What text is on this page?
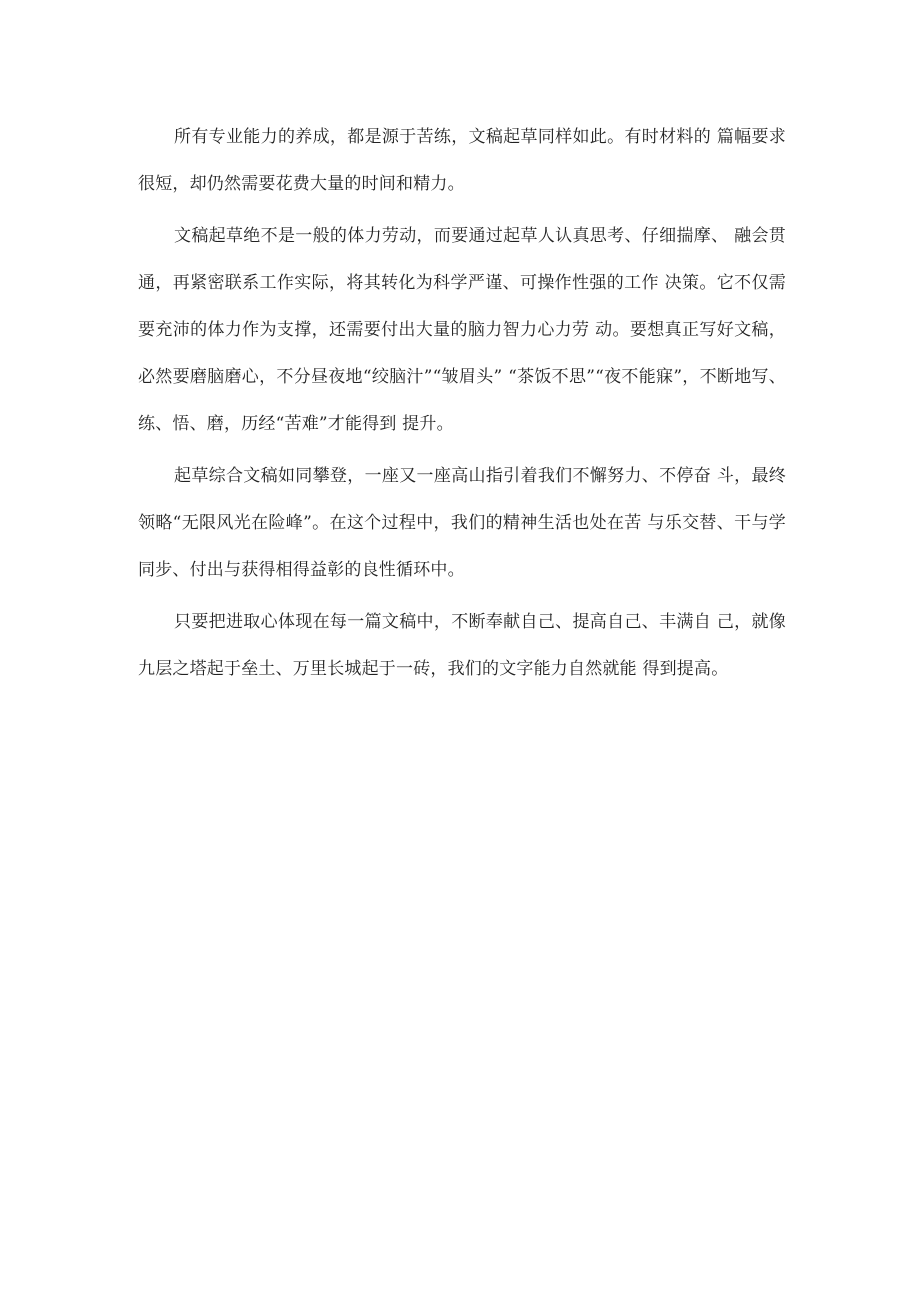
所有专业能力的养成，都是源于苦练，文稿起草同样如此。有时材料的 篇幅要求很短，却仍然需要花费大量的时间和精力。

文稿起草绝不是一般的体力劳动，而要通过起草人认真思考、仔细揣摩、 融会贯通，再紧密联系工作实际，将其转化为科学严谨、可操作性强的工作 决策。它不仅需要充沛的体力作为支撑，还需要付出大量的脑力智力心力劳 动。要想真正写好文稿，必然要磨脑磨心，不分昼夜地“绞脑汁”“皱眉头” “茶饭不思”“夜不能寐”，不断地写、练、悟、磨，历经“苦难”才能得到 提升。

起草综合文稿如同攀登，一座又一座高山指引着我们不懈努力、不停奋 斗，最终领略“无限风光在险峰”。在这个过程中，我们的精神生活也处在苦 与乐交替、干与学同步、付出与获得相得益彰的良性循环中。

只要把进取心体现在每一篇文稿中，不断奉献自己、提高自己、丰满自 己，就像九层之塔起于垒土、万里长城起于一砖，我们的文字能力自然就能 得到提高。
